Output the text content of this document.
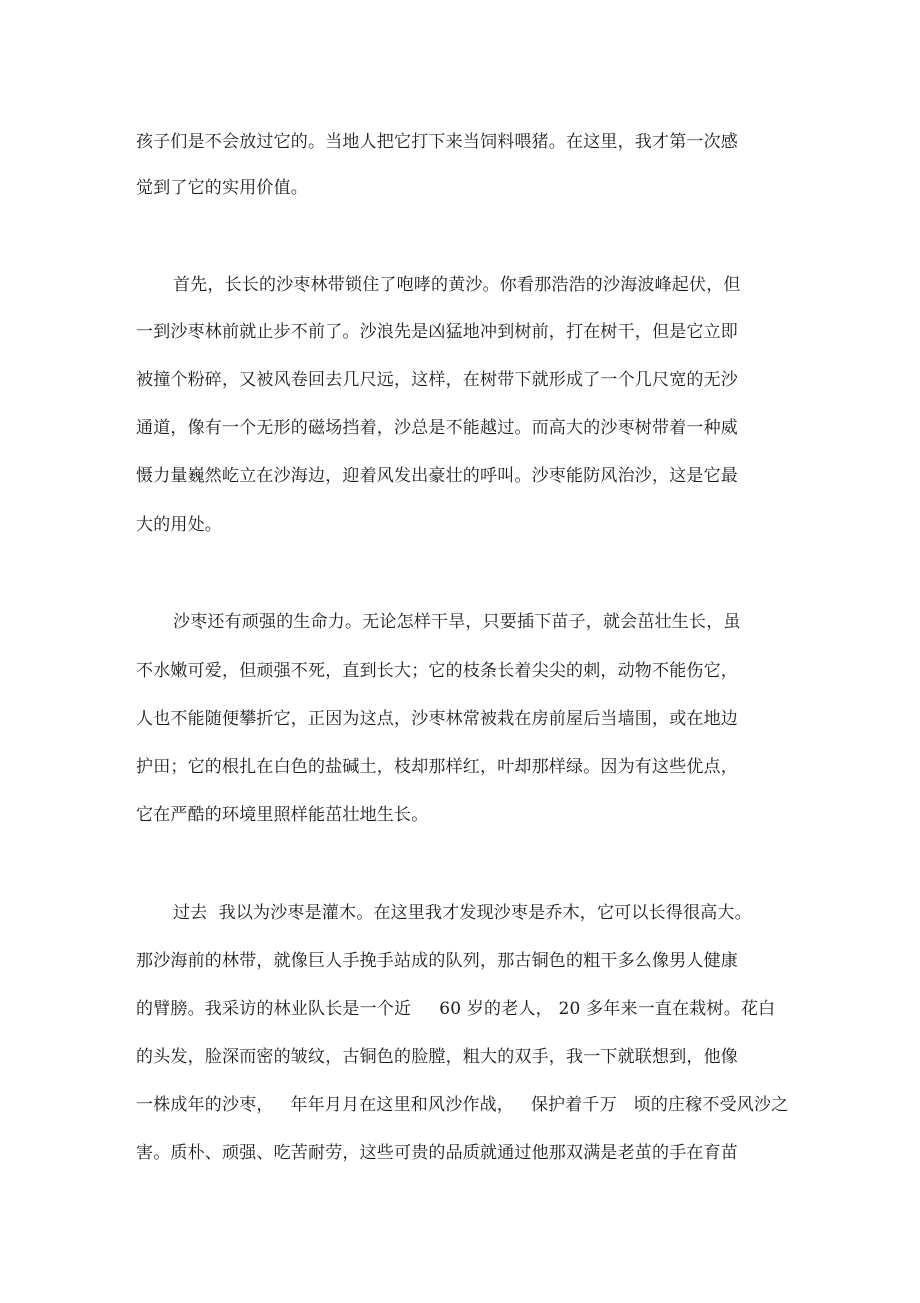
孩子们是不会放过它的。当地人把它打下来当饲料喂猪。在这里，我才第一次感
觉到了它的实用价值。
首先，长长的沙枣林带锁住了咆哮的黄沙。你看那浩浩的沙海波峰起伏，但
一到沙枣林前就止步不前了。沙浪先是凶猛地冲到树前，打在树干，但是它立即
被撞个粉碎，又被风卷回去几尺远，这样，在树带下就形成了一个几尺宽的无沙
通道，像有一个无形的磁场挡着，沙总是不能越过。而高大的沙枣树带着一种威
慑力量巍然屹立在沙海边，迎着风发出豪壮的呼叫。沙枣能防风治沙，这是它最
大的用处。
沙枣还有顽强的生命力。无论怎样干旱，只要插下苗子，就会茁壮生长，虽
不水嫩可爱，但顽强不死，直到长大；它的枝条长着尖尖的刺，动物不能伤它，
人也不能随便攀折它，正因为这点，沙枣林常被栽在房前屋后当墙围，或在地边
护田；它的根扎在白色的盐碱土，枝却那样红，叶却那样绿。因为有这些优点，
它在严酷的环境里照样能茁壮地生长。
过去  我以为沙枣是灌木。在这里我才发现沙枣是乔木，它可以长得很高大。
那沙海前的林带，就像巨人手挽手站成的队列，那古铜色的粗干多么像男人健康
的臂膀。我采访的林业队长是一个近     60 岁的老人， 20 多年来一直在栽树。花白
的头发，脸深而密的皱纹，古铜色的脸膛，粗大的双手，我一下就联想到，他像
一株成年的沙枣，   年年月月在这里和风沙作战，   保护着千万   顷的庄稼不受风沙之
害。质朴、顽强、吃苦耐劳，这些可贵的品质就通过他那双满是老茧的手在育苗
